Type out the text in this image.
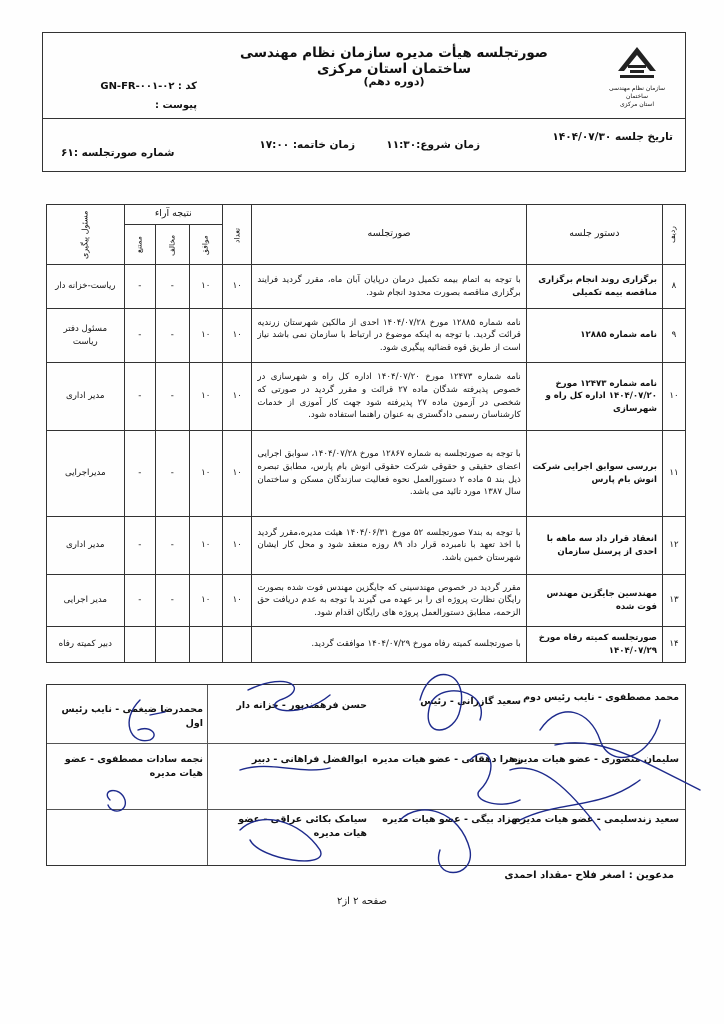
سازمان نظام مهندسی ساختمان
استان مرکزی
صورتجلسه هیأت مدیره سازمان نظام مهندسی ساختمان استان مرکزی
(دوره دهم)
کد : GN-FR-۰۰۱-۰۲
پیوست :
تاریخ جلسه ۱۴۰۴/۰۷/۳۰
زمان شروع:۱۱:۳۰
زمان خاتمه: ۱۷:۰۰
شماره صورتجلسه :۶۱
ردیف	دستور جلسه	صورتجلسه	تعداد	نتیجه آراء			مسئول پیگیری
				موافق	مخالف	ممتنع	
۸	برگزاری روند انجام برگزاری مناقصه بیمه تکمیلی	با توجه به اتمام بیمه تکمیل درمان درپایان آبان ماه، مقرر گردید فرایند برگزاری مناقصه بصورت محدود انجام شود.	۱۰	۱۰	-	-	ریاست-خزانه دار
۹	نامه شماره ۱۲۸۸۵	نامه شماره ۱۲۸۸۵ مورخ ۱۴۰۴/۰۷/۲۸ احدی از مالکین شهرستان زرندیه قرائت گردید. با توجه به اینکه موضوع در ارتباط با سازمان نمی باشد نیاز است از طریق قوه قضائیه پیگیری شود.	۱۰	۱۰	-	-	مسئول دفتر ریاست
۱۰	نامه شماره ۱۲۴۷۳ مورخ ۱۴۰۴/۰۷/۲۰ اداره کل راه و شهرسازی	نامه شماره ۱۲۴۷۳ مورخ ۱۴۰۴/۰۷/۲۰ اداره کل راه و شهرسازی در خصوص پذیرفته شدگان ماده ۲۷ قرائت و مقرر گردید در صورتی که شخصی در آزمون ماده ۲۷ پذیرفته شود جهت کار آموزی از خدمات کارشناسان رسمی دادگستری به عنوان راهنما استفاده شود.	۱۰	۱۰	-	-	مدیر اداری
۱۱	بررسی سوابق اجرایی شرکت انوش بام پارس	با توجه به صورتجلسه به شماره ۱۲۸۶۷ مورخ ۱۴۰۴/۰۷/۲۸، سوابق اجرایی اعضای حقیقی و حقوقی شرکت حقوقی انوش بام پارس، مطابق تبصره ذیل بند ۵ ماده ۲ دستورالعمل نحوه فعالیت سازندگان مسکن و ساختمان سال ۱۳۸۷ مورد تائید می باشد.	۱۰	۱۰	-	-	مدیراجرایی
۱۲	انعقاد قرار داد سه ماهه با احدی از پرسنل سازمان	با توجه به بند۷ صورتجلسه ۵۲ مورخ ۱۴۰۴/۰۶/۳۱ هیئت مدیره،مقرر گردید با اخذ تعهد با نامبرده قرار داد ۸۹ روزه منعقد شود و محل کار ایشان شهرستان خمین باشد.	۱۰	۱۰	-	-	مدیر اداری
۱۳	مهندسین جایگزین مهندس فوت شده	مقرر گردید در خصوص مهندسینی که جایگزین مهندس فوت شده بصورت رایگان نظارت پروژه ای را بر عهده می گیرند با توجه به عدم دریافت حق الزحمه، مطابق دستورالعمل پروژه های رایگان اقدام شود.	۱۰	۱۰	-	-	مدیر اجرایی
۱۴	صورتجلسه کمیته رفاه مورخ ۱۴۰۴/۰۷/۲۹	با صورتجلسه کمیته رفاه مورخ ۱۴۰۴/۰۷/۲۹ موافقت گردید.					دبیر کمیته رفاه
محمد مصطفوی - نایب رئیس دوم
سعید گازرانی - رئیس
حسن فرهمندپور - خزانه دار
محمدرضا ضیغمی - نایب رئیس اول
سلیمان منصوری - عضو هیات مدیره
زهرا دهقانی - عضو هیات مدیره
ابوالفضل فراهانی - دبیر
نجمه سادات مصطفوی - عضو هیات مدیره
سعید زندسلیمی - عضو هیات مدیره
بهزاد بیگی - عضو هیات مدیره
سیامک بکائی عراقی - عضو هیات مدیره
مدعوین : اصغر فلاح -مقداد احمدی
صفحه ۲ از۲
